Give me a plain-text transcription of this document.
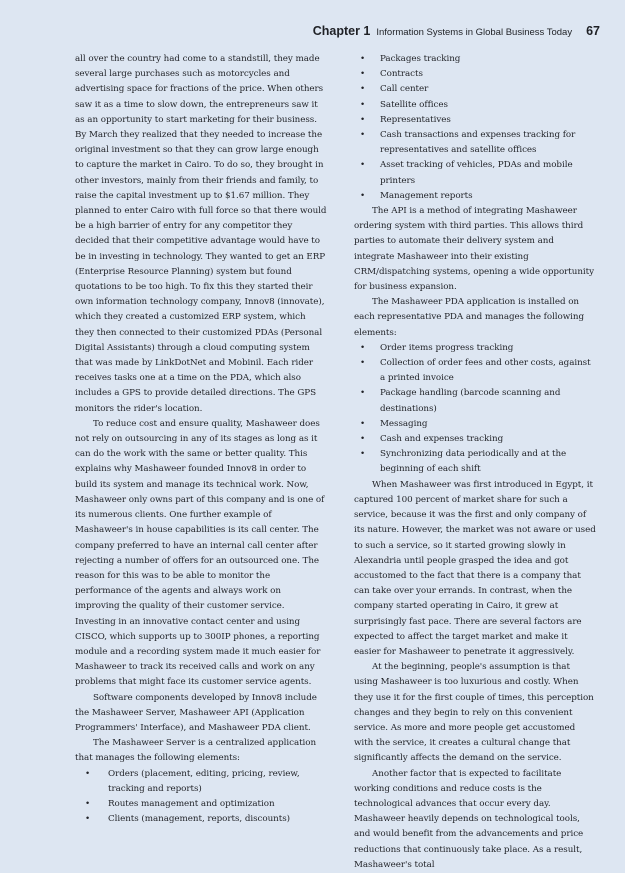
Chapter 1 Information Systems in Global Business Today 67

all over the country had come to a standstill, they made several large purchases such as motorcycles and advertising space for fractions of the price. When others saw it as a time to slow down, the entrepreneurs saw it as an opportunity to start marketing for their business. By March they realized that they needed to increase the original investment so that they can grow large enough to capture the market in Cairo. To do so, they brought in other investors, mainly from their friends and family, to raise the capital investment up to $1.67 million. They planned to enter Cairo with full force so that there would be a high barrier of entry for any competitor they decided that their competitive advantage would have to be in investing in technology. They wanted to get an ERP (Enterprise Resource Planning) system but found quotations to be too high. To fix this they started their own information technology company, Innov8 (innovate), which they created a customized ERP system, which they then connected to their customized PDAs (Personal Digital Assistants) through a cloud computing system that was made by LinkDotNet and Mobinil. Each rider receives tasks one at a time on the PDA, which also includes a GPS to provide detailed directions. The GPS monitors the rider's location.

To reduce cost and ensure quality, Mashaweer does not rely on outsourcing in any of its stages as long as it can do the work with the same or better quality. This explains why Mashaweer founded Innov8 in order to build its system and manage its technical work. Now, Mashaweer only owns part of this company and is one of its numerous clients. One further example of Mashaweer's in house capabilities is its call center. The company preferred to have an internal call center after rejecting a number of offers for an outsourced one. The reason for this was to be able to monitor the performance of the agents and always work on improving the quality of their customer service. Investing in an innovative contact center and using CISCO, which supports up to 300IP phones, a reporting module and a recording system made it much easier for Mashaweer to track its received calls and work on any problems that might face its customer service agents.

Software components developed by Innov8 include the Mashaweer Server, Mashaweer API (Application Programmers' Interface), and Mashaweer PDA client.

The Mashaweer Server is a centralized application that manages the following elements:

• Orders (placement, editing, pricing, review, tracking and reports)
• Routes management and optimization
• Clients (management, reports, discounts)
• Packages tracking
• Contracts
• Call center
• Satellite offices
• Representatives
• Cash transactions and expenses tracking for representatives and satellite offices
• Asset tracking of vehicles, PDAs and mobile printers
• Management reports

The API is a method of integrating Mashaweer ordering system with third parties. This allows third parties to automate their delivery system and integrate Mashaweer into their existing CRM/dispatching systems, opening a wide opportunity for business expansion.

The Mashaweer PDA application is installed on each representative PDA and manages the following elements:

• Order items progress tracking
• Collection of order fees and other costs, against a printed invoice
• Package handling (barcode scanning and destinations)
• Messaging
• Cash and expenses tracking
• Synchronizing data periodically and at the beginning of each shift

When Mashaweer was first introduced in Egypt, it captured 100 percent of market share for such a service, because it was the first and only company of its nature. However, the market was not aware or used to such a service, so it started growing slowly in Alexandria until people grasped the idea and got accustomed to the fact that there is a company that can take over your errands. In contrast, when the company started operating in Cairo, it grew at surprisingly fast pace. There are several factors are expected to affect the target market and make it easier for Mashaweer to penetrate it aggressively.

At the beginning, people's assumption is that using Mashaweer is too luxurious and costly. When they use it for the first couple of times, this perception changes and they begin to rely on this convenient service. As more and more people get accustomed with the service, it creates a cultural change that significantly affects the demand on the service.

Another factor that is expected to facilitate working conditions and reduce costs is the technological advances that occur every day. Mashaweer heavily depends on technological tools, and would benefit from the advancements and price reductions that continuously take place. As a result, Mashaweer's total
